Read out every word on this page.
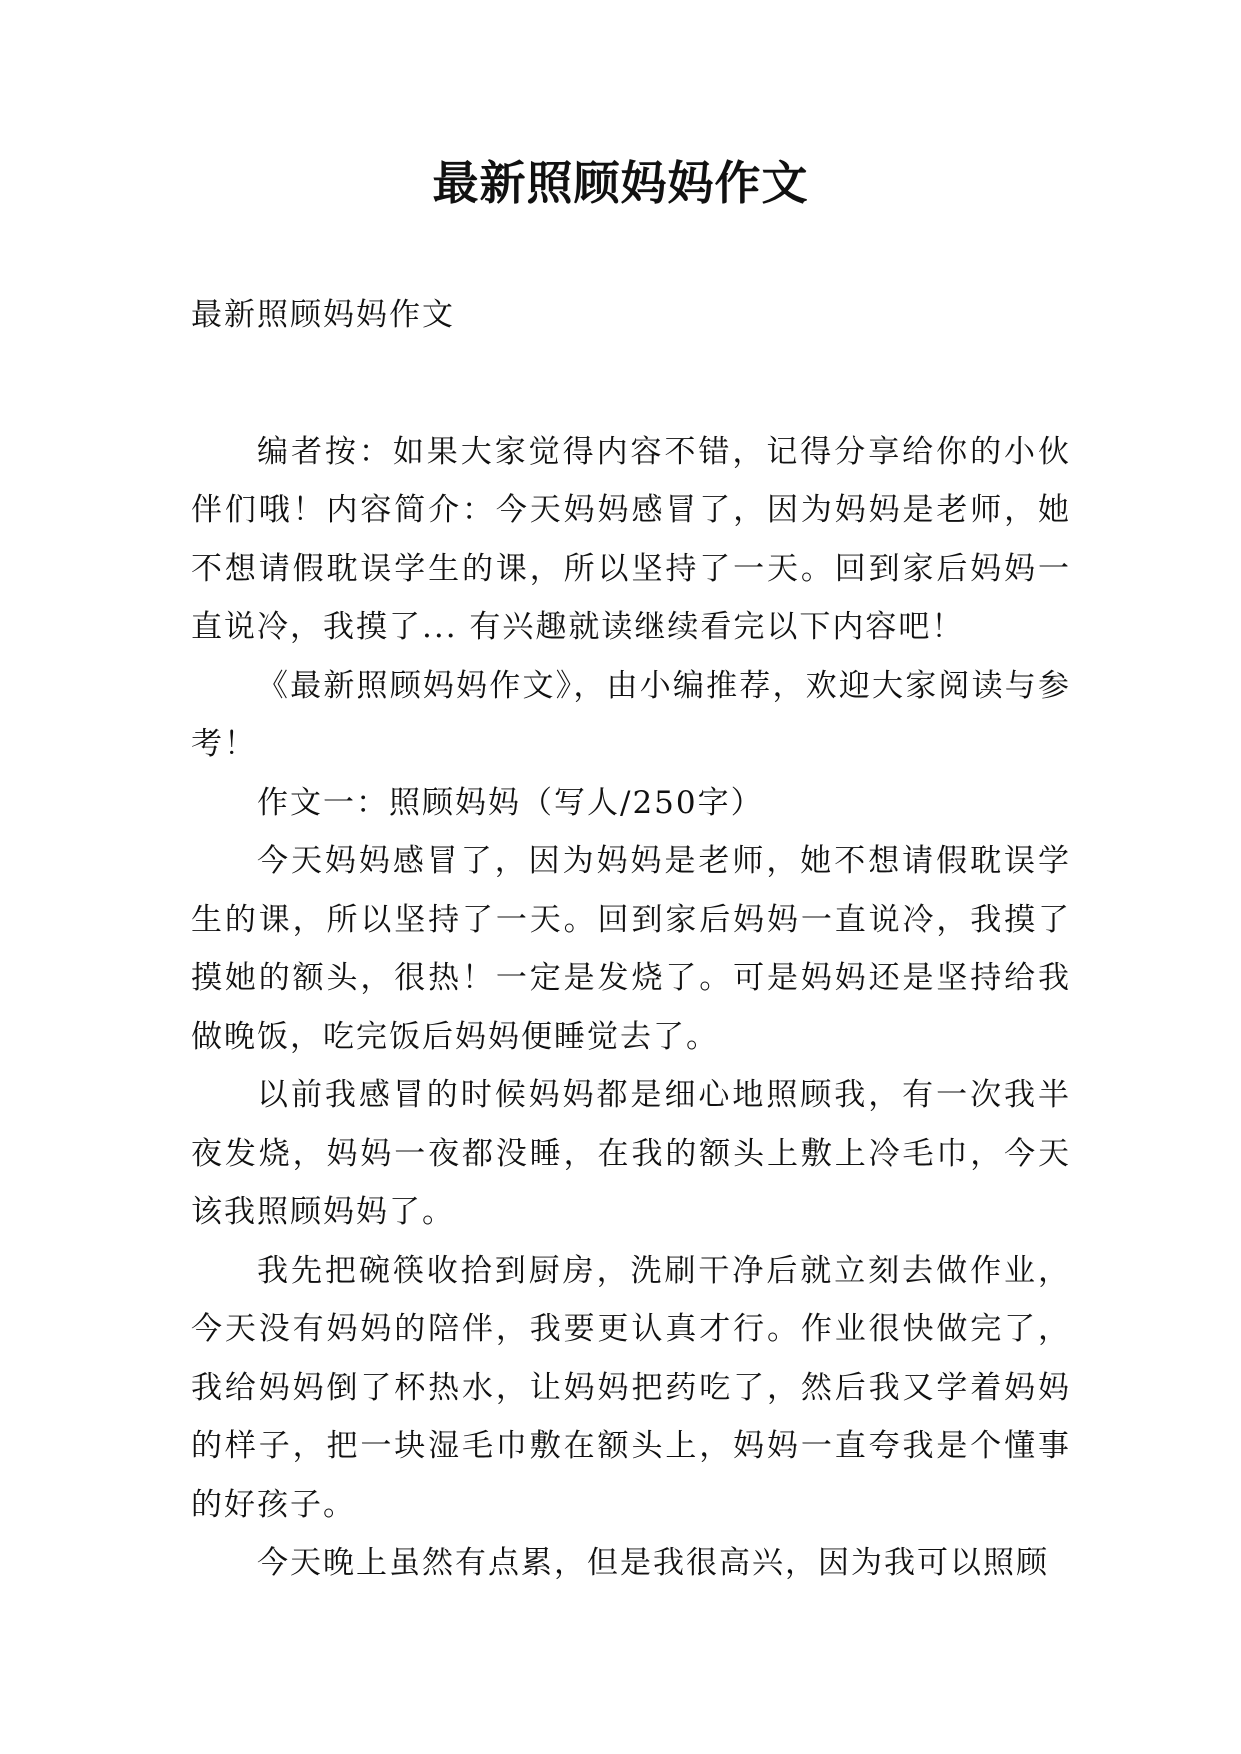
最新照顾妈妈作文
最新照顾妈妈作文

编者按：如果大家觉得内容不错，记得分享给你的小伙伴们哦！内容简介：今天妈妈感冒了，因为妈妈是老师，她不想请假耽误学生的课，所以坚持了一天。回到家后妈妈一直说冷，我摸了... 有兴趣就读继续看完以下内容吧！

《最新照顾妈妈作文》，由小编推荐，欢迎大家阅读与参考！

作文一：照顾妈妈（写人/250字）

今天妈妈感冒了，因为妈妈是老师，她不想请假耽误学生的课，所以坚持了一天。回到家后妈妈一直说冷，我摸了摸她的额头，很热！一定是发烧了。可是妈妈还是坚持给我做晚饭，吃完饭后妈妈便睡觉去了。

以前我感冒的时候妈妈都是细心地照顾我，有一次我半夜发烧，妈妈一夜都没睡，在我的额头上敷上冷毛巾，今天该我照顾妈妈了。

我先把碗筷收拾到厨房，洗刷干净后就立刻去做作业，今天没有妈妈的陪伴，我要更认真才行。作业很快做完了，我给妈妈倒了杯热水，让妈妈把药吃了，然后我又学着妈妈的样子，把一块湿毛巾敷在额头上，妈妈一直夸我是个懂事的好孩子。

今天晚上虽然有点累，但是我很高兴，因为我可以照顾
